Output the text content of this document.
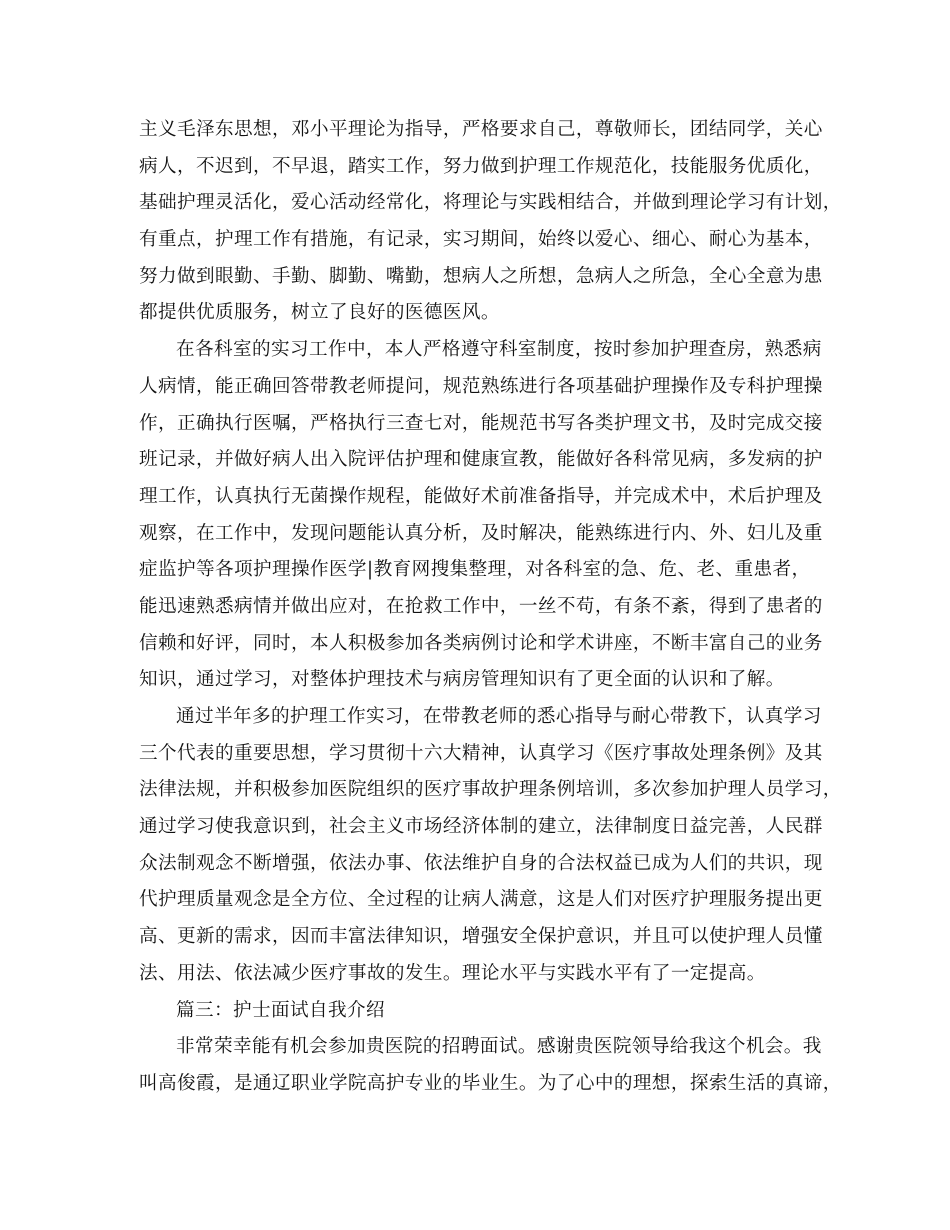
主义毛泽东思想，邓小平理论为指导，严格要求自己，尊敬师长，团结同学，关心
病人，不迟到，不早退，踏实工作，努力做到护理工作规范化，技能服务优质化，
基础护理灵活化，爱心活动经常化，将理论与实践相结合，并做到理论学习有计划，
有重点，护理工作有措施，有记录，实习期间，始终以爱心、细心、耐心为基本，
努力做到眼勤、手勤、脚勤、嘴勤，想病人之所想，急病人之所急，全心全意为患
都提供优质服务，树立了良好的医德医风。
在各科室的实习工作中，本人严格遵守科室制度，按时参加护理查房，熟悉病
人病情，能正确回答带教老师提问，规范熟练进行各项基础护理操作及专科护理操
作，正确执行医嘱，严格执行三查七对，能规范书写各类护理文书，及时完成交接
班记录，并做好病人出入院评估护理和健康宣教，能做好各科常见病，多发病的护
理工作，认真执行无菌操作规程，能做好术前准备指导，并完成术中，术后护理及
观察，在工作中，发现问题能认真分析，及时解决，能熟练进行内、外、妇儿及重
症监护等各项护理操作医学|教育网搜集整理，对各科室的急、危、老、重患者，
能迅速熟悉病情并做出应对，在抢救工作中，一丝不苟，有条不紊，得到了患者的
信赖和好评，同时，本人积极参加各类病例讨论和学术讲座，不断丰富自己的业务
知识，通过学习，对整体护理技术与病房管理知识有了更全面的认识和了解。
通过半年多的护理工作实习，在带教老师的悉心指导与耐心带教下，认真学习
三个代表的重要思想，学习贯彻十六大精神，认真学习《医疗事故处理条例》及其
法律法规，并积极参加医院组织的医疗事故护理条例培训，多次参加护理人员学习，
通过学习使我意识到，社会主义市场经济体制的建立，法律制度日益完善，人民群
众法制观念不断增强，依法办事、依法维护自身的合法权益已成为人们的共识，现
代护理质量观念是全方位、全过程的让病人满意，这是人们对医疗护理服务提出更
高、更新的需求，因而丰富法律知识，增强安全保护意识，并且可以使护理人员懂
法、用法、依法减少医疗事故的发生。理论水平与实践水平有了一定提高。
篇三：护士面试自我介绍
非常荣幸能有机会参加贵医院的招聘面试。感谢贵医院领导给我这个机会。我
叫高俊霞，是通辽职业学院高护专业的毕业生。为了心中的理想，探索生活的真谛，
